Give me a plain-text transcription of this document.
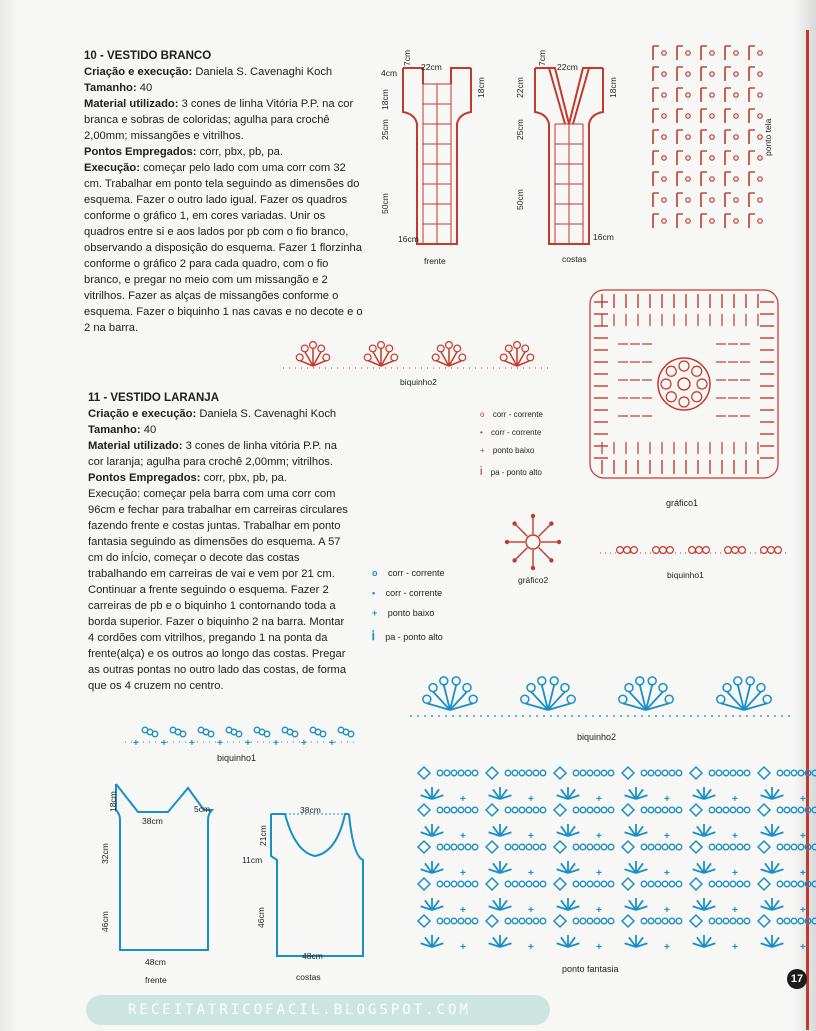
10 - VESTIDO BRANCO
Criação e execução: Daniela S. Cavenaghi Koch
Tamanho: 40
Material utilizado: 3 cones de linha Vitória P.P. na cor branca e sobras de coloridas; agulha para crochê 2,00mm; missangões e vitrilhos.
Pontos Empregados: corr, pbx, pb, pa.
Execução: começar pelo lado com uma corr com 32 cm. Trabalhar em ponto tela seguindo as dimensões do esquema. Fazer o outro lado igual. Fazer os quadros conforme o gráfico 1, em cores variadas. Unir os quadros entre si e aos lados por pb com o fio branco, observando a disposição do esquema. Fazer 1 florzinha conforme o gráfico 2 para cada quadro, com o fio branco, e pregar no meio com um missangão e 2 vitrilhos. Fazer as alças de missangões conforme o esquema. Fazer o biquinho 1 nas cavas e no decote e o 2 na barra.
11 - VESTIDO LARANJA
Criação e execução: Daniela S. Cavenaghi Koch
Tamanho: 40
Material utilizado: 3 cones de linha vitória P.P. na cor laranja; agulha para crochê 2,00mm; vitrilhos.
Pontos Empregados: corr, pbx, pb, pa.
Execução: começar pela barra com uma corr com 96cm e fechar para trabalhar em carreiras circulares fazendo frente e costas juntas. Trabalhar em ponto fantasia seguindo as dimensões do esquema. A 57 cm do inÍcio, começar o decote das costas trabalhando em carreiras de vai e vem por 21 cm. Continuar a frente seguindo o esquema. Fazer 2 carreiras de pb e o biquinho 1 contornando toda a borda superior. Fazer o biquinho 2 na barra. Montar 4 cordões com vitrilhos, pregando 1 na ponta da frente(alça) e os outros ao longo das costas. Pregar as outras pontas no outro lado das costas, de forma que os 4 cruzem no centro.
22cm
4cm
7cm
18cm
18cm
25cm
50cm
16cm
frente
22cm
7cm
22cm	18cm
25cm
50cm
16cm
costas
ponto tela
gráfico1
biquinho2
o corr - corrente
• corr - corrente
+ ponto baixo
Ꭵ pa - ponto alto
gráfico2	biquinho1
o corr - corrente
• corr - corrente
+ ponto baixo
Ꭵ pa - ponto alto
biquinho2
+ + + + + + + +
biquinho1
+	+	+	+	+	+
+	+	+	+	+	+
+	+	+	+	+	+
+	+	+	+	+	+
+	+	+	+	+	+
ponto fantasia
18cm	5cm
38cm
32cm
46cm
48cm
frente
38cm
21cm
11cm
46cm
48cm
costas
RECEITATRICOFACIL.BLOGSPOT.COM
17
